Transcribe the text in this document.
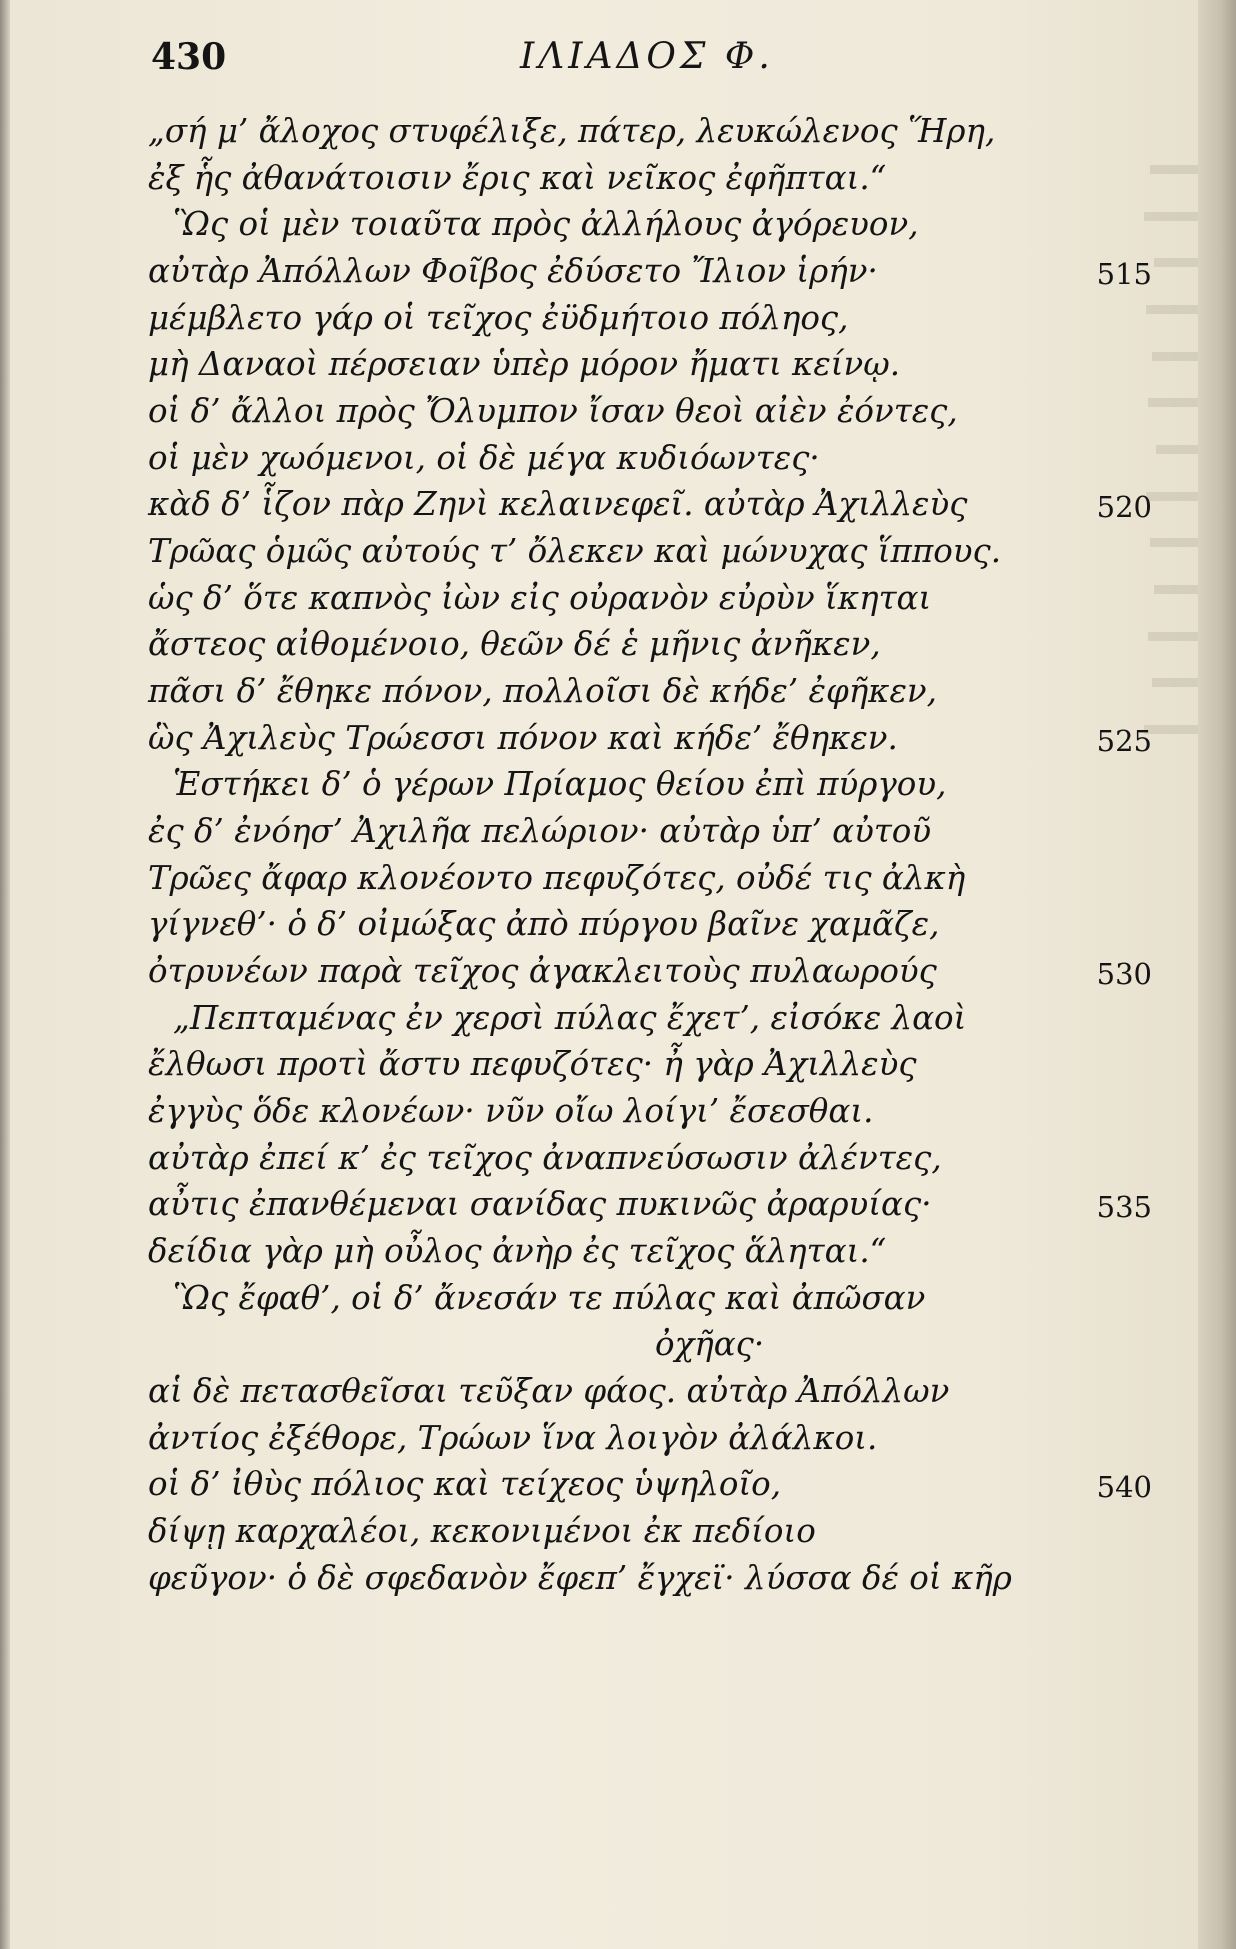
430	ΙΛΙΑΔΟΣ Φ.
„σή μ’ ἄλοχος στυφέλιξε, πάτερ, λευκώλενος Ἥρη,
ἐξ ἧς ἀθανάτοισιν ἔρις καὶ νεῖκος ἐφῆπται.“
Ὣς οἱ μὲν τοιαῦτα πρὸς ἀλλήλους ἀγόρευον,
αὐτὰρ Ἀπόλλων Φοῖβος ἐδύσετο Ἴλιον ἱρήν·	515
μέμβλετο γάρ οἱ τεῖχος ἐϋδμήτοιο πόληος,
μὴ Δαναοὶ πέρσειαν ὑπὲρ μόρον ἤματι κείνῳ.
οἱ δ’ ἄλλοι πρὸς Ὄλυμπον ἴσαν θεοὶ αἰὲν ἐόντες,
οἱ μὲν χωόμενοι, οἱ δὲ μέγα κυδιόωντες·
κὰδ δ’ ἷζον πὰρ Ζηνὶ κελαινεφεῖ. αὐτὰρ Ἀχιλλεὺς	520
Τρῶας ὁμῶς αὐτούς τ’ ὄλεκεν καὶ μώνυχας ἵππους.
ὡς δ’ ὅτε καπνὸς ἰὼν εἰς οὐρανὸν εὐρὺν ἵκηται
ἄστεος αἰθομένοιο, θεῶν δέ ἑ μῆνις ἀνῆκεν,
πᾶσι δ’ ἔθηκε πόνον, πολλοῖσι δὲ κήδε’ ἐφῆκεν,
ὣς Ἀχιλεὺς Τρώεσσι πόνον καὶ κήδε’ ἔθηκεν.	525
Ἑστήκει δ’ ὁ γέρων Πρίαμος θείου ἐπὶ πύργου,
ἐς δ’ ἐνόησ’ Ἀχιλῆα πελώριον· αὐτὰρ ὑπ’ αὐτοῦ
Τρῶες ἄφαρ κλονέοντο πεφυζότες, οὐδέ τις ἀλκὴ
γίγνεθ’· ὁ δ’ οἰμώξας ἀπὸ πύργου βαῖνε χαμᾶζε,
ὀτρυνέων παρὰ τεῖχος ἀγακλειτοὺς πυλαωρούς	530
„Πεπταμένας ἐν χερσὶ πύλας ἔχετ’, εἰσόκε λαοὶ
ἔλθωσι προτὶ ἄστυ πεφυζότες· ἦ γὰρ Ἀχιλλεὺς
ἐγγὺς ὅδε κλονέων· νῦν οἴω λοίγι’ ἔσεσθαι.
αὐτὰρ ἐπεί κ’ ἐς τεῖχος ἀναπνεύσωσιν ἀλέντες,
αὖτις ἐπανθέμεναι σανίδας πυκινῶς ἀραρυίας·	535
δείδια γὰρ μὴ οὖλος ἀνὴρ ἐς τεῖχος ἅληται.“
Ὣς ἔφαθ’, οἱ δ’ ἄνεσάν τε πύλας καὶ ἀπῶσαν
ὀχῆας·
αἱ δὲ πετασθεῖσαι τεῦξαν φάος. αὐτὰρ Ἀπόλλων
ἀντίος ἐξέθορε, Τρώων ἵνα λοιγὸν ἀλάλκοι.
οἱ δ’ ἰθὺς πόλιος καὶ τείχεος ὑψηλοῖο,	540
δίψῃ καρχαλέοι, κεκονιμένοι ἐκ πεδίοιο
φεῦγον· ὁ δὲ σφεδανὸν ἔφεπ’ ἔγχεϊ· λύσσα δέ οἱ κῆρ
